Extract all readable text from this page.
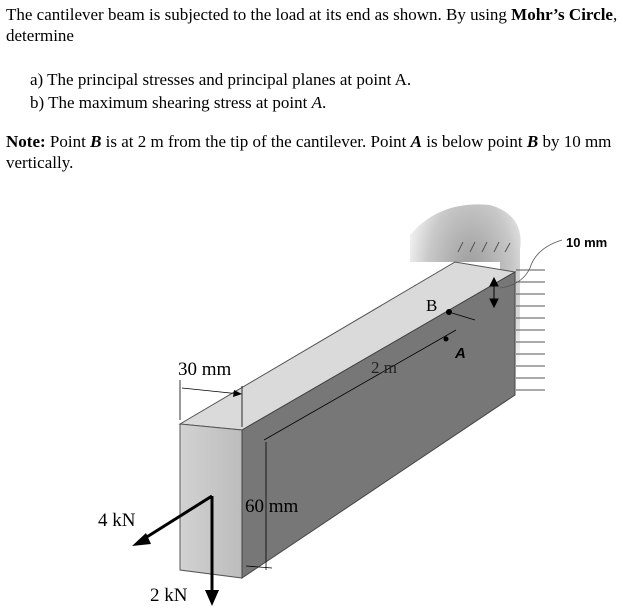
The cantilever beam is subjected to the load at its end as shown. By using Mohr’s Circle, determine
a) The principal stresses and principal planes at point A.
b) The maximum shearing stress at point A.
Note: Point B is at 2 m from the tip of the cantilever. Point A is below point B by 10 mm vertically.
10 mm
B
A
2 m
30 mm
60 mm
4 kN
2 kN
